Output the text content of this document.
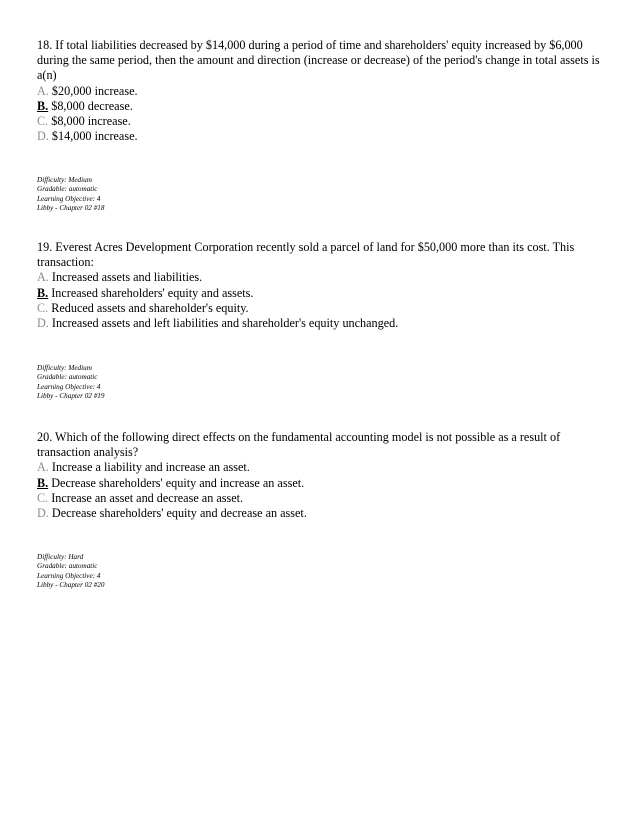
18. If total liabilities decreased by $14,000 during a period of time and shareholders' equity increased by $6,000 during the same period, then the amount and direction (increase or decrease) of the period's change in total assets is a(n)

A. $20,000 increase.
B. $8,000 decrease.
C. $8,000 increase.
D. $14,000 increase.
Difficulty: Medium
Gradable: automatic
Learning Objective: 4
Libby - Chapter 02 #18

19. Everest Acres Development Corporation recently sold a parcel of land for $50,000 more than its cost. This transaction:

A. Increased assets and liabilities.
B. Increased shareholders' equity and assets.
C. Reduced assets and shareholder's equity.
D. Increased assets and left liabilities and shareholder's equity unchanged.
Difficulty: Medium
Gradable: automatic
Learning Objective: 4
Libby - Chapter 02 #19

20. Which of the following direct effects on the fundamental accounting model is not possible as a result of transaction analysis?

A. Increase a liability and increase an asset.
B. Decrease shareholders' equity and increase an asset.
C. Increase an asset and decrease an asset.
D. Decrease shareholders' equity and decrease an asset.
Difficulty: Hard
Gradable: automatic
Learning Objective: 4
Libby - Chapter 02 #20
